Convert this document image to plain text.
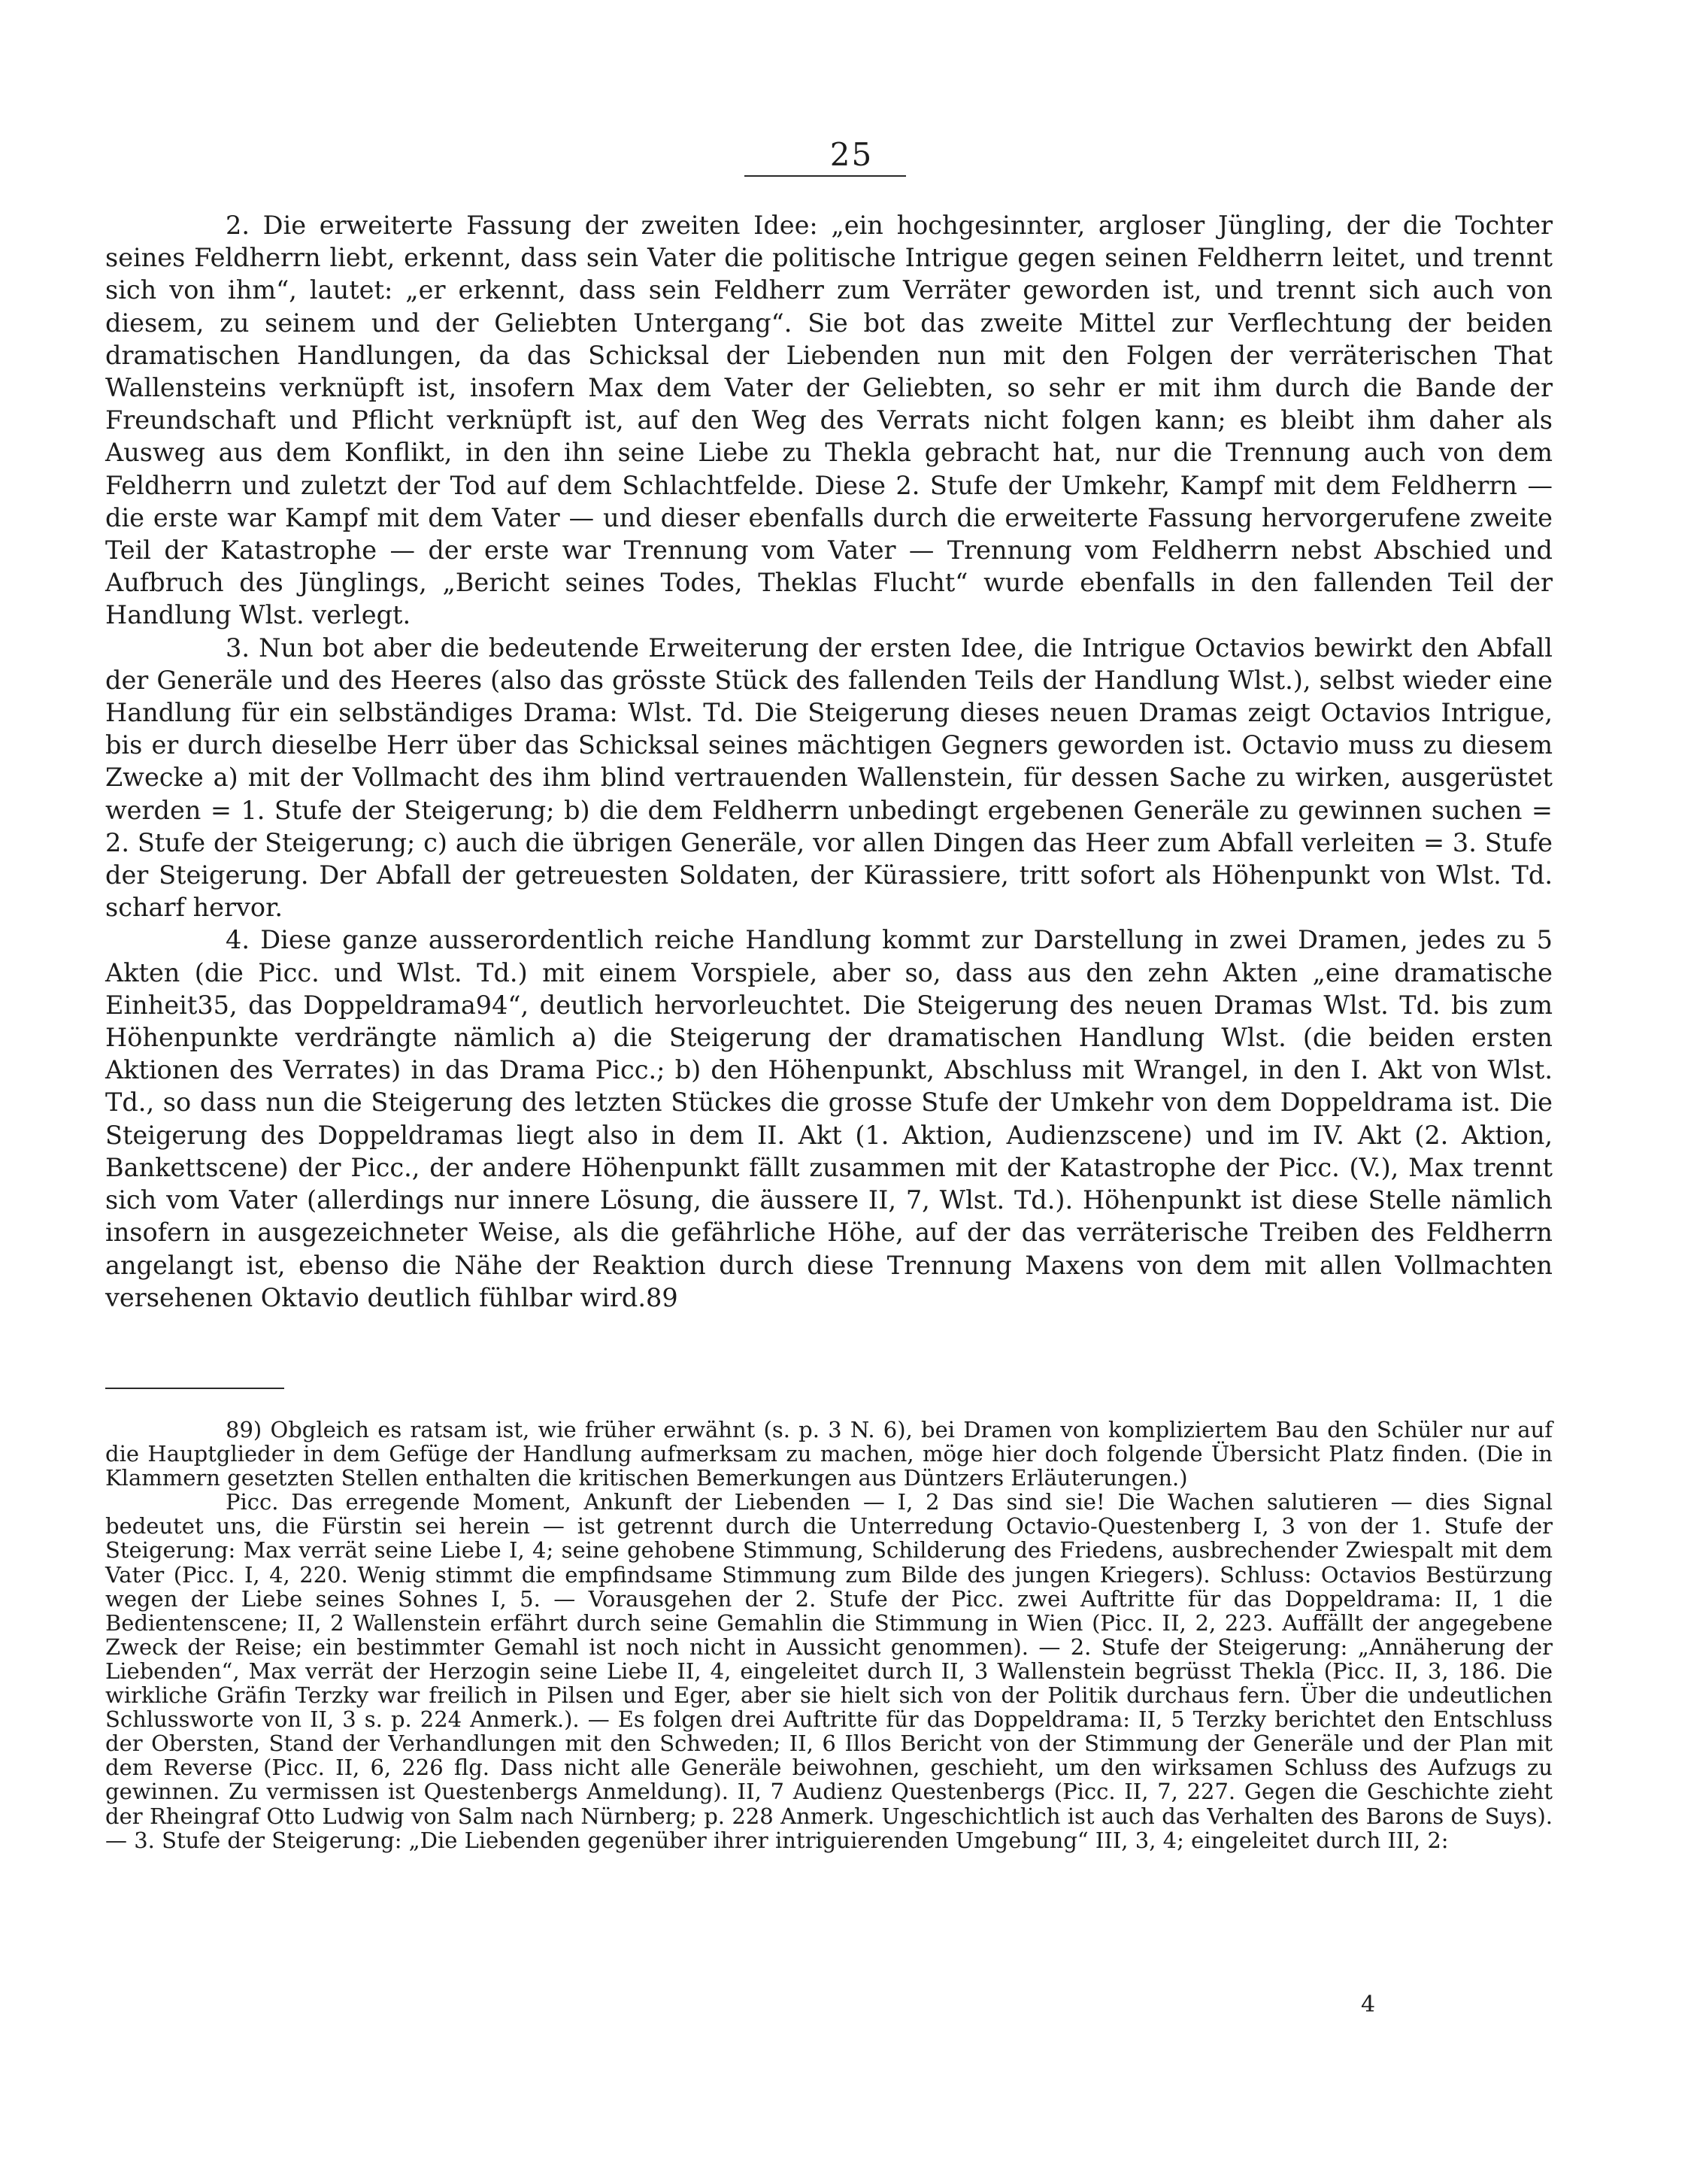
25

2. Die erweiterte Fassung der zweiten Idee: „ein hochgesinnter, argloser Jüngling, der die Tochter seines Feldherrn liebt, erkennt, dass sein Vater die politische Intrigue gegen seinen Feldherrn leitet, und trennt sich von ihm“, lautet: „er erkennt, dass sein Feldherr zum Verräter geworden ist, und trennt sich auch von diesem, zu seinem und der Geliebten Untergang“. Sie bot das zweite Mittel zur Verflechtung der beiden dramatischen Handlungen, da das Schicksal der Liebenden nun mit den Folgen der verräterischen That Wallensteins verknüpft ist, insofern Max dem Vater der Geliebten, so sehr er mit ihm durch die Bande der Freundschaft und Pflicht verknüpft ist, auf den Weg des Verrats nicht folgen kann; es bleibt ihm daher als Ausweg aus dem Konflikt, in den ihn seine Liebe zu Thekla gebracht hat, nur die Trennung auch von dem Feldherrn und zuletzt der Tod auf dem Schlachtfelde. Diese 2. Stufe der Umkehr, Kampf mit dem Feldherrn — die erste war Kampf mit dem Vater — und dieser ebenfalls durch die erweiterte Fassung hervorgerufene zweite Teil der Katastrophe — der erste war Trennung vom Vater — Trennung vom Feldherrn nebst Abschied und Aufbruch des Jünglings, „Bericht seines Todes, Theklas Flucht“ wurde ebenfalls in den fallenden Teil der Handlung Wlst. verlegt.

3. Nun bot aber die bedeutende Erweiterung der ersten Idee, die Intrigue Octavios bewirkt den Abfall der Generäle und des Heeres (also das grösste Stück des fallenden Teils der Handlung Wlst.), selbst wieder eine Handlung für ein selbständiges Drama: Wlst. Td. Die Steigerung dieses neuen Dramas zeigt Octavios Intrigue, bis er durch dieselbe Herr über das Schicksal seines mächtigen Gegners geworden ist. Octavio muss zu diesem Zwecke a) mit der Vollmacht des ihm blind vertrauenden Wallenstein, für dessen Sache zu wirken, ausgerüstet werden = 1. Stufe der Steigerung; b) die dem Feldherrn unbedingt ergebenen Generäle zu gewinnen suchen = 2. Stufe der Steigerung; c) auch die übrigen Generäle, vor allen Dingen das Heer zum Abfall verleiten = 3. Stufe der Steigerung. Der Abfall der getreuesten Soldaten, der Kürassiere, tritt sofort als Höhenpunkt von Wlst. Td. scharf hervor.

4. Diese ganze ausserordentlich reiche Handlung kommt zur Darstellung in zwei Dramen, jedes zu 5 Akten (die Picc. und Wlst. Td.) mit einem Vorspiele, aber so, dass aus den zehn Akten „eine dramatische Einheit35, das Doppeldrama94“, deutlich hervorleuchtet. Die Steigerung des neuen Dramas Wlst. Td. bis zum Höhenpunkte verdrängte nämlich a) die Steigerung der dramatischen Handlung Wlst. (die beiden ersten Aktionen des Verrates) in das Drama Picc.; b) den Höhenpunkt, Abschluss mit Wrangel, in den I. Akt von Wlst. Td., so dass nun die Steigerung des letzten Stückes die grosse Stufe der Umkehr von dem Doppeldrama ist. Die Steigerung des Doppeldramas liegt also in dem II. Akt (1. Aktion, Audienzscene) und im IV. Akt (2. Aktion, Bankettscene) der Picc., der andere Höhenpunkt fällt zusammen mit der Katastrophe der Picc. (V.), Max trennt sich vom Vater (allerdings nur innere Lösung, die äussere II, 7, Wlst. Td.). Höhenpunkt ist diese Stelle nämlich insofern in ausgezeichneter Weise, als die gefährliche Höhe, auf der das verräterische Treiben des Feldherrn angelangt ist, ebenso die Nähe der Reaktion durch diese Trennung Maxens von dem mit allen Vollmachten versehenen Oktavio deutlich fühlbar wird.89

89) Obgleich es ratsam ist, wie früher erwähnt (s. p. 3 N. 6), bei Dramen von kompliziertem Bau den Schüler nur auf die Hauptglieder in dem Gefüge der Handlung aufmerksam zu machen, möge hier doch folgende Übersicht Platz finden. (Die in Klammern gesetzten Stellen enthalten die kritischen Bemerkungen aus Düntzers Erläuterungen.)

Picc. Das erregende Moment, Ankunft der Liebenden — I, 2 Das sind sie! Die Wachen salutieren — dies Signal bedeutet uns, die Fürstin sei herein — ist getrennt durch die Unterredung Octavio-Questenberg I, 3 von der 1. Stufe der Steigerung: Max verrät seine Liebe I, 4; seine gehobene Stimmung, Schilderung des Friedens, ausbrechender Zwiespalt mit dem Vater (Picc. I, 4, 220. Wenig stimmt die empfindsame Stimmung zum Bilde des jungen Kriegers). Schluss: Octavios Bestürzung wegen der Liebe seines Sohnes I, 5. — Vorausgehen der 2. Stufe der Picc. zwei Auftritte für das Doppeldrama: II, 1 die Bedientenscene; II, 2 Wallenstein erfährt durch seine Gemahlin die Stimmung in Wien (Picc. II, 2, 223. Auffällt der angegebene Zweck der Reise; ein bestimmter Gemahl ist noch nicht in Aussicht genommen). — 2. Stufe der Steigerung: „Annäherung der Liebenden“, Max verrät der Herzogin seine Liebe II, 4, eingeleitet durch II, 3 Wallenstein begrüsst Thekla (Picc. II, 3, 186. Die wirkliche Gräfin Terzky war freilich in Pilsen und Eger, aber sie hielt sich von der Politik durchaus fern. Über die undeutlichen Schlussworte von II, 3 s. p. 224 Anmerk.). — Es folgen drei Auftritte für das Doppeldrama: II, 5 Terzky berichtet den Entschluss der Obersten, Stand der Verhandlungen mit den Schweden; II, 6 Illos Bericht von der Stimmung der Generäle und der Plan mit dem Reverse (Picc. II, 6, 226 flg. Dass nicht alle Generäle beiwohnen, geschieht, um den wirksamen Schluss des Aufzugs zu gewinnen. Zu vermissen ist Questenbergs Anmeldung). II, 7 Audienz Questenbergs (Picc. II, 7, 227. Gegen die Geschichte zieht der Rheingraf Otto Ludwig von Salm nach Nürnberg; p. 228 Anmerk. Ungeschichtlich ist auch das Verhalten des Barons de Suys). — 3. Stufe der Steigerung: „Die Liebenden gegenüber ihrer intriguierenden Umgebung“ III, 3, 4; eingeleitet durch III, 2:

4
